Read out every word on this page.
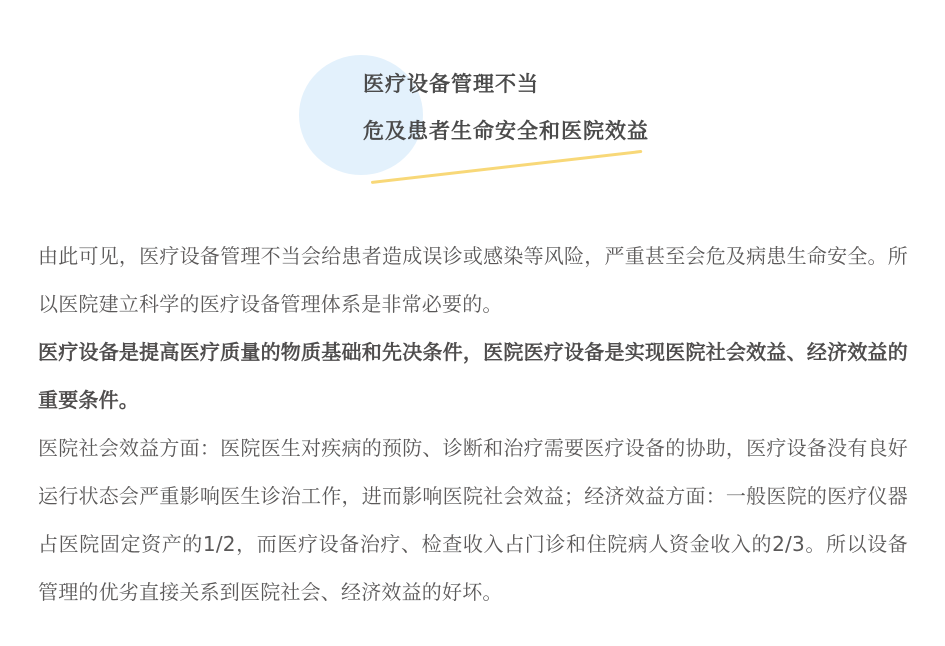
医疗设备管理不当
危及患者生命安全和医院效益

由此可见，医疗设备管理不当会给患者造成误诊或感染等风险，严重甚至会危及病患生命安全。所以医院建立科学的医疗设备管理体系是非常必要的。

医疗设备是提高医疗质量的物质基础和先决条件，医院医疗设备是实现医院社会效益、经济效益的重要条件。

医院社会效益方面：医院医生对疾病的预防、诊断和治疗需要医疗设备的协助，医疗设备没有良好运行状态会严重影响医生诊治工作，进而影响医院社会效益；经济效益方面：一般医院的医疗仪器占医院固定资产的1/2，而医疗设备治疗、检查收入占门诊和住院病人资金收入的2/3。所以设备管理的优劣直接关系到医院社会、经济效益的好坏。
